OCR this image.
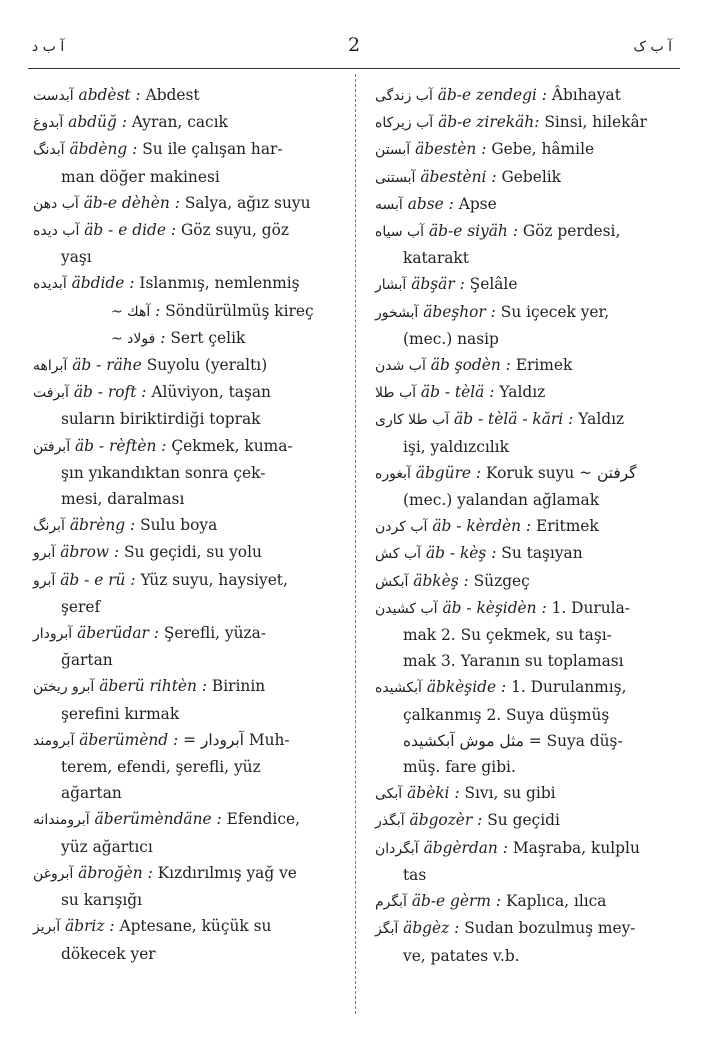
آ ب د	2	آ ب ک
آبدست abdèst : Abdest
آبدوغ abdüğ : Ayran, cacık
آبدنگ äbdèng : Su ile çalışan har-
man döğer makinesi
آب دهن äb-e dèhèn : Salya, ağız suyu
آب دیده äb - e dide : Göz suyu, göz
yaşı
آبدیده äbdide : Islanmış, nemlenmiş
آهك ~ : Söndürülmüş kireç
فولاد ~ : Sert çelik
آبراهه äb - rähe Suyolu (yeraltı)
آبرفت äb - roft : Alüviyon, taşan
suların biriktirdiği toprak
آبرفتن äb - rèftèn : Çekmek, kuma-
şın yıkandıktan sonra çek-
mesi, daralması
آبرنگ äbrèng : Sulu boya
آبرو äbrow : Su geçidi, su yolu
آبرو äb - e rü : Yüz suyu, haysiyet,
şeref
آبرودار äberüdar : Şerefli, yüza-
ğartan
آبرو ریختن äberü rihtèn : Birinin
şerefini kırmak
آبرومند äberümènd : = آبرودار Muh-
terem, efendi, şerefli, yüz
ağartan
آبرومندانه äberümèndäne : Efendice,
yüz ağartıcı
آبروغن äbroğèn : Kızdırılmış yağ ve
su karışığı
آبریز äbriz : Aptesane, küçük su
dökecek yer
آب زندگی äb-e zendegi : Âbıhayat
آب زیرکاه äb-e zirekäh: Sinsi, hilekâr
آبستن äbestèn : Gebe, hâmile
آبستنی äbestèni : Gebelik
آبسه abse : Apse
آب سیاه äb-e siyäh : Göz perdesi,
katarakt
آبشار äbşär : Şelâle
آبشخور äbeşhor : Su içecek yer,
(mec.) nasip
آب شدن äb şodèn : Erimek
آب طلا äb - tèlä : Yaldız
آب طلا کاری äb - tèlä - kări : Yaldız
işi, yaldızcılık
آبغوره äbgüre : Koruk suyu ~ گرفتن
(mec.) yalandan ağlamak
آب کردن äb - kèrdèn : Eritmek
آب کش äb - kèş : Su taşıyan
آبکش äbkèş : Süzgeç
آب کشیدن äb - kèşidèn : 1. Durula-
mak 2. Su çekmek, su taşı-
mak 3. Yaranın su toplaması
آبکشیده äbkèşide : 1. Durulanmış,
çalkanmış 2. Suya düşmüş
مثل موش آبکشیده = Suya düş-
müş. fare gibi.
آبکی äbèki : Sıvı, su gibi
آبگذر äbgozèr : Su geçidi
آبگردان äbgèrdan : Maşraba, kulplu
tas
آبگرم äb-e gèrm : Kaplıca, ılıca
آبگز äbgèz : Sudan bozulmuş mey-
ve, patates v.b.
